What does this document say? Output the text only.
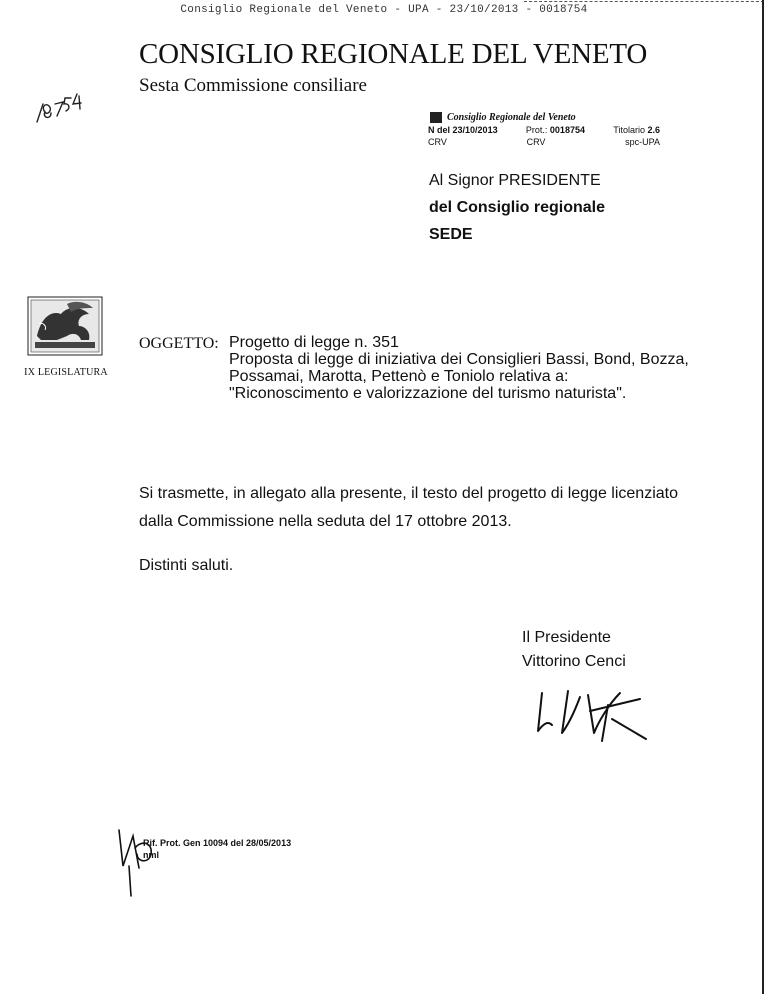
Consiglio Regionale del Veneto - UPA - 23/10/2013 - 0018754
CONSIGLIO REGIONALE DEL VENETO
Sesta Commissione consiliare
Consiglio Regionale del Veneto
N del 23/10/2013	Prot.: 0018754	Titolario 2.6
CRV	CRV	spc-UPA
Al Signor PRESIDENTE
del Consiglio regionale
SEDE
IX LEGISLATURA
OGGETTO: Progetto di legge n. 351
Proposta di legge di iniziativa dei Consiglieri Bassi, Bond, Bozza,
Possamai, Marotta, Pettenò e Toniolo relativa a:
"Riconoscimento e valorizzazione del turismo naturista".
Si trasmette, in allegato alla presente, il testo del progetto di legge licenziato dalla Commissione nella seduta del 17 ottobre 2013.
Distinti saluti.
Il Presidente
Vittorino Cenci
Rif. Prot. Gen 10094 del 28/05/2013
nml
